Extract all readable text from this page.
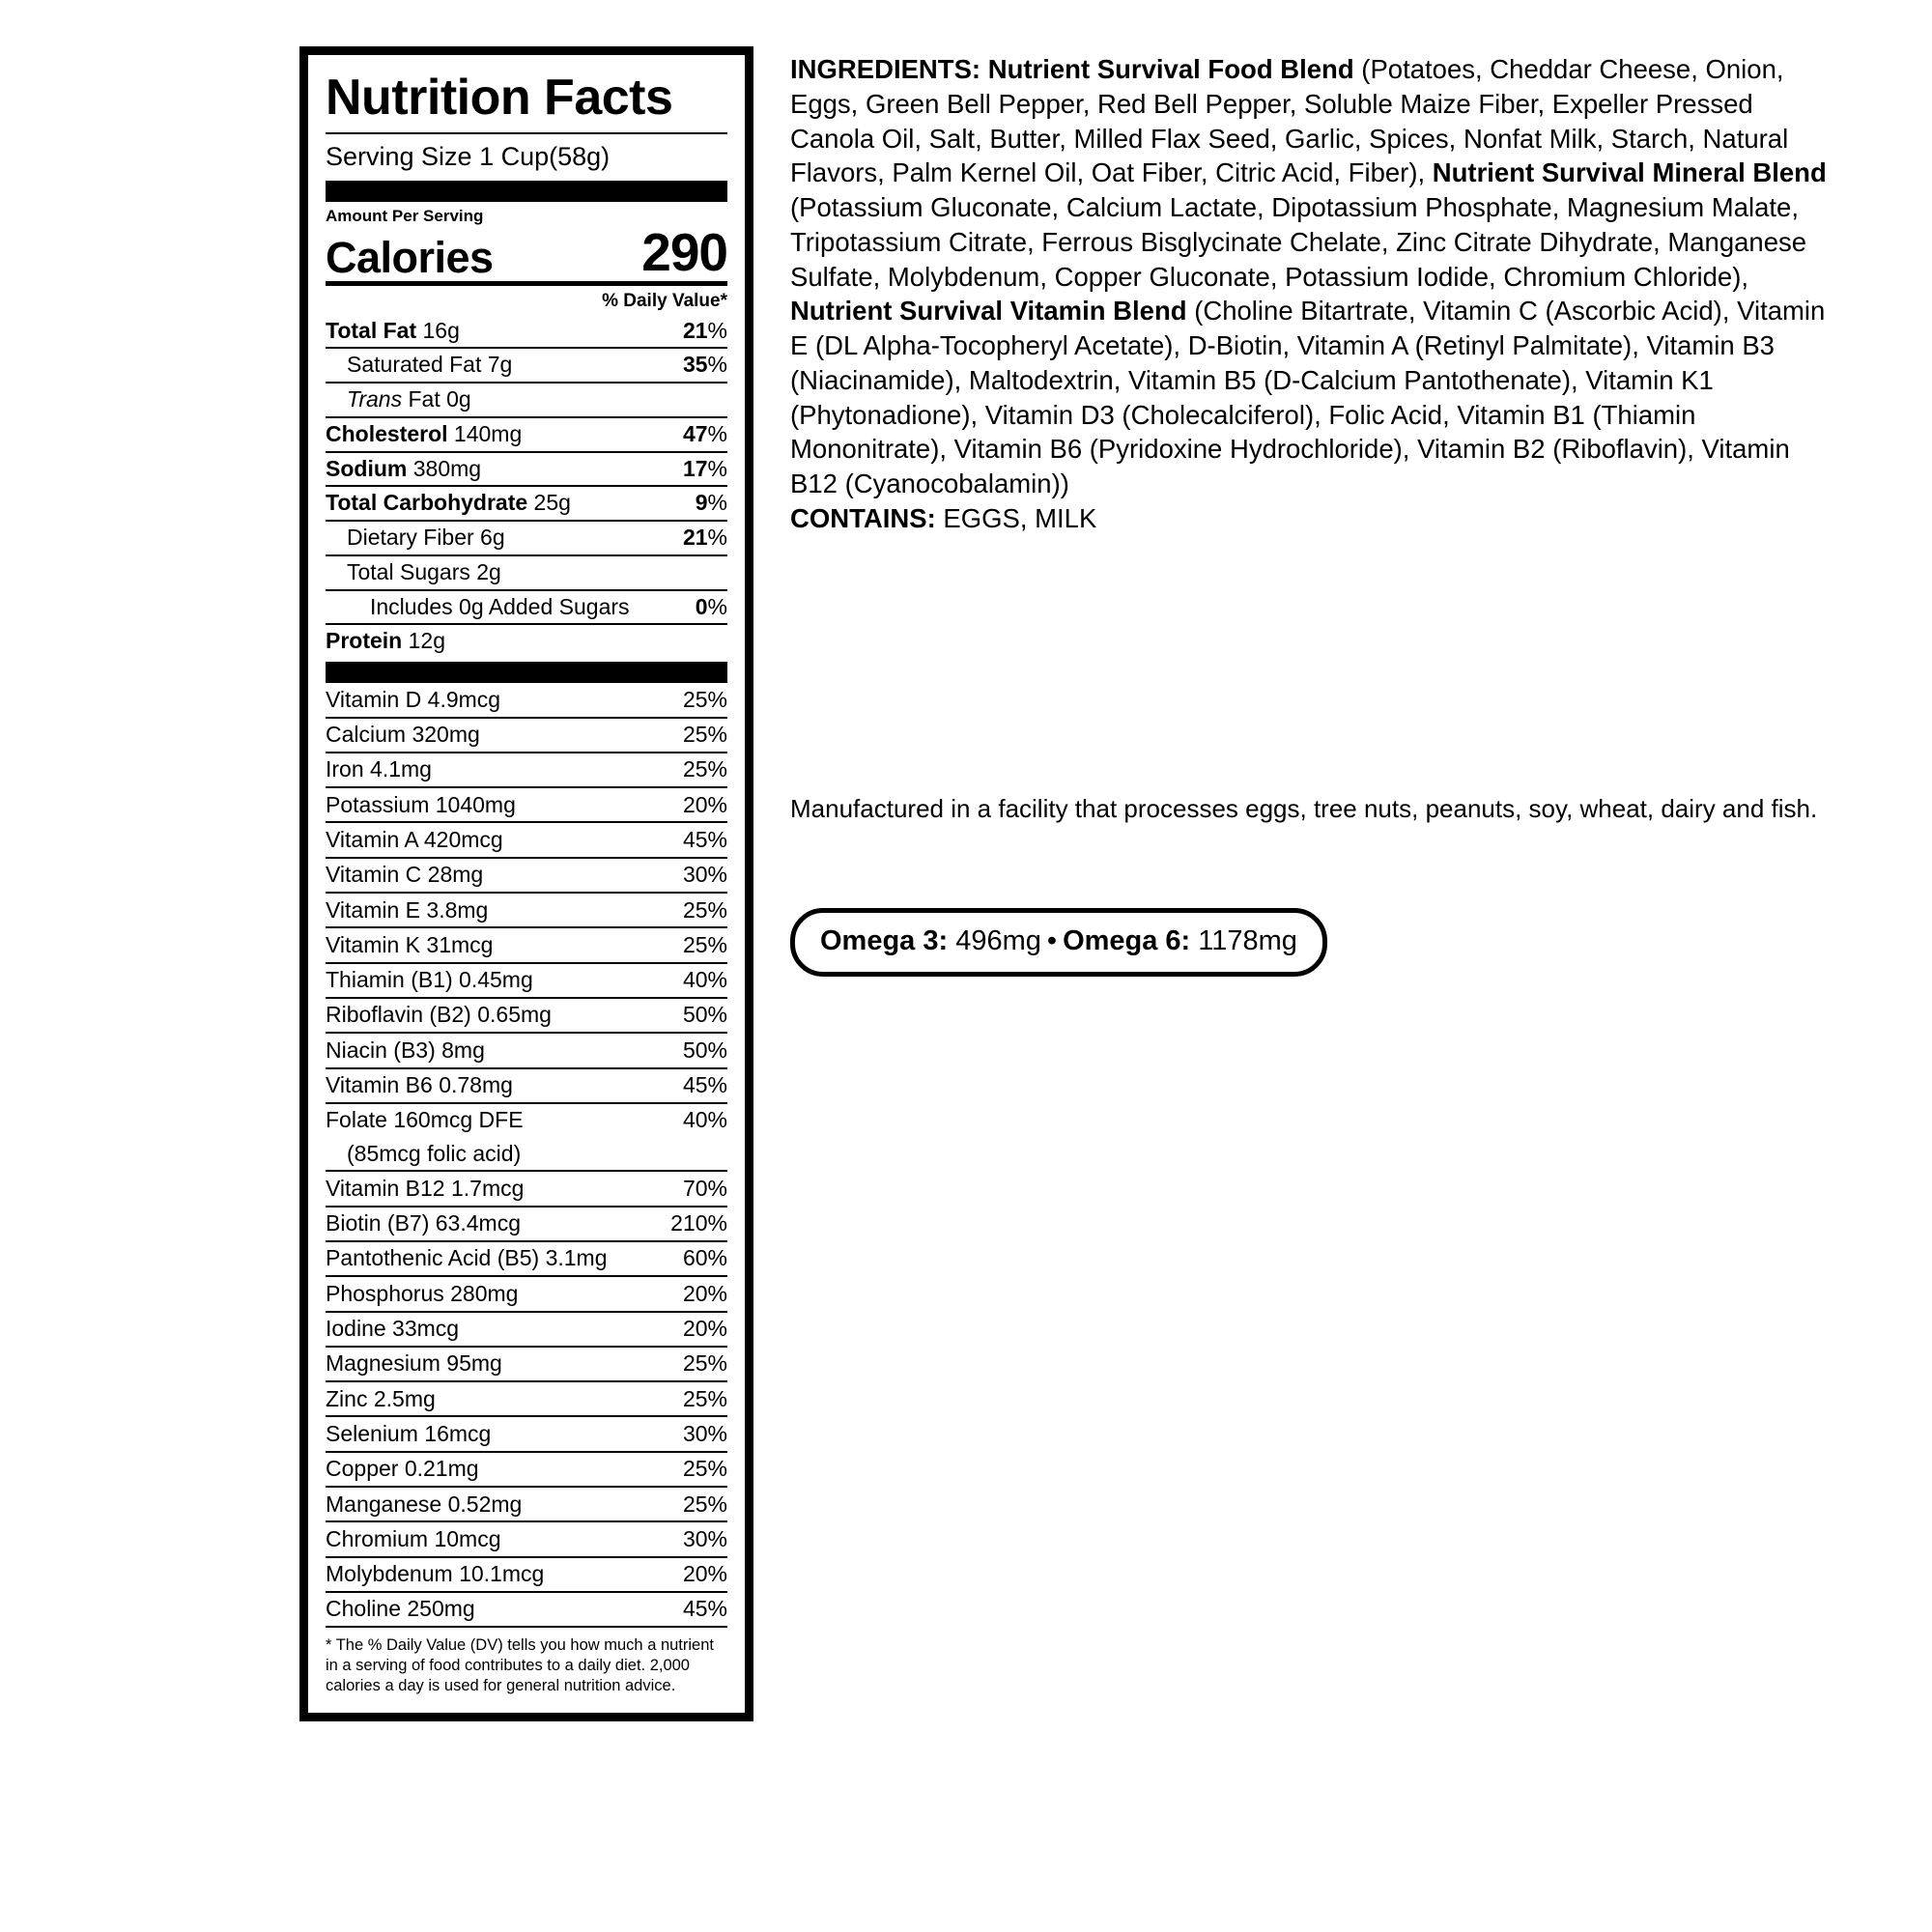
Nutrition Facts
Serving Size 1 Cup(58g)
Amount Per Serving
Calories	290
% Daily Value*
Total Fat 16g	21%
Saturated Fat 7g	35%
Trans Fat 0g	
Cholesterol 140mg	47%
Sodium 380mg	17%
Total Carbohydrate 25g	9%
Dietary Fiber 6g	21%
Total Sugars 2g	
Includes 0g Added Sugars	0%
Protein 12g	
Vitamin D 4.9mcg	25%
Calcium 320mg	25%
Iron 4.1mg	25%
Potassium 1040mg	20%
Vitamin A 420mcg	45%
Vitamin C 28mg	30%
Vitamin E 3.8mg	25%
Vitamin K 31mcg	25%
Thiamin (B1) 0.45mg	40%
Riboflavin (B2) 0.65mg	50%
Niacin (B3) 8mg	50%
Vitamin B6 0.78mg	45%
Folate 160mcg DFE	40%
(85mcg folic acid)	
Vitamin B12 1.7mcg	70%
Biotin (B7) 63.4mcg	210%
Pantothenic Acid (B5) 3.1mg	60%
Phosphorus 280mg	20%
Iodine 33mcg	20%
Magnesium 95mg	25%
Zinc 2.5mg	25%
Selenium 16mcg	30%
Copper 0.21mg	25%
Manganese 0.52mg	25%
Chromium 10mcg	30%
Molybdenum 10.1mcg	20%
Choline 250mg	45%
* The % Daily Value (DV) tells you how much a nutrient in a serving of food contributes to a daily diet. 2,000 calories a day is used for general nutrition advice.
INGREDIENTS: Nutrient Survival Food Blend (Potatoes, Cheddar Cheese, Onion, Eggs, Green Bell Pepper, Red Bell Pepper, Soluble Maize Fiber, Expeller Pressed Canola Oil, Salt, Butter, Milled Flax Seed, Garlic, Spices, Nonfat Milk, Starch, Natural Flavors, Palm Kernel Oil, Oat Fiber, Citric Acid, Fiber), Nutrient Survival Mineral Blend (Potassium Gluconate, Calcium Lactate, Dipotassium Phosphate, Magnesium Malate, Tripotassium Citrate, Ferrous Bisglycinate Chelate, Zinc Citrate Dihydrate, Manganese Sulfate, Molybdenum, Copper Gluconate, Potassium Iodide, Chromium Chloride), Nutrient Survival Vitamin Blend (Choline Bitartrate, Vitamin C (Ascorbic Acid), Vitamin E (DL Alpha-Tocopheryl Acetate), D-Biotin, Vitamin A (Retinyl Palmitate), Vitamin B3 (Niacinamide), Maltodextrin, Vitamin B5 (D-Calcium Pantothenate), Vitamin K1 (Phytonadione), Vitamin D3 (Cholecalciferol), Folic Acid, Vitamin B1 (Thiamin Mononitrate), Vitamin B6 (Pyridoxine Hydrochloride), Vitamin B2 (Riboflavin), Vitamin B12 (Cyanocobalamin))
CONTAINS: EGGS, MILK
Manufactured in a facility that processes eggs, tree nuts, peanuts, soy, wheat, dairy and fish.
Omega 3: 496mg • Omega 6: 1178mg
